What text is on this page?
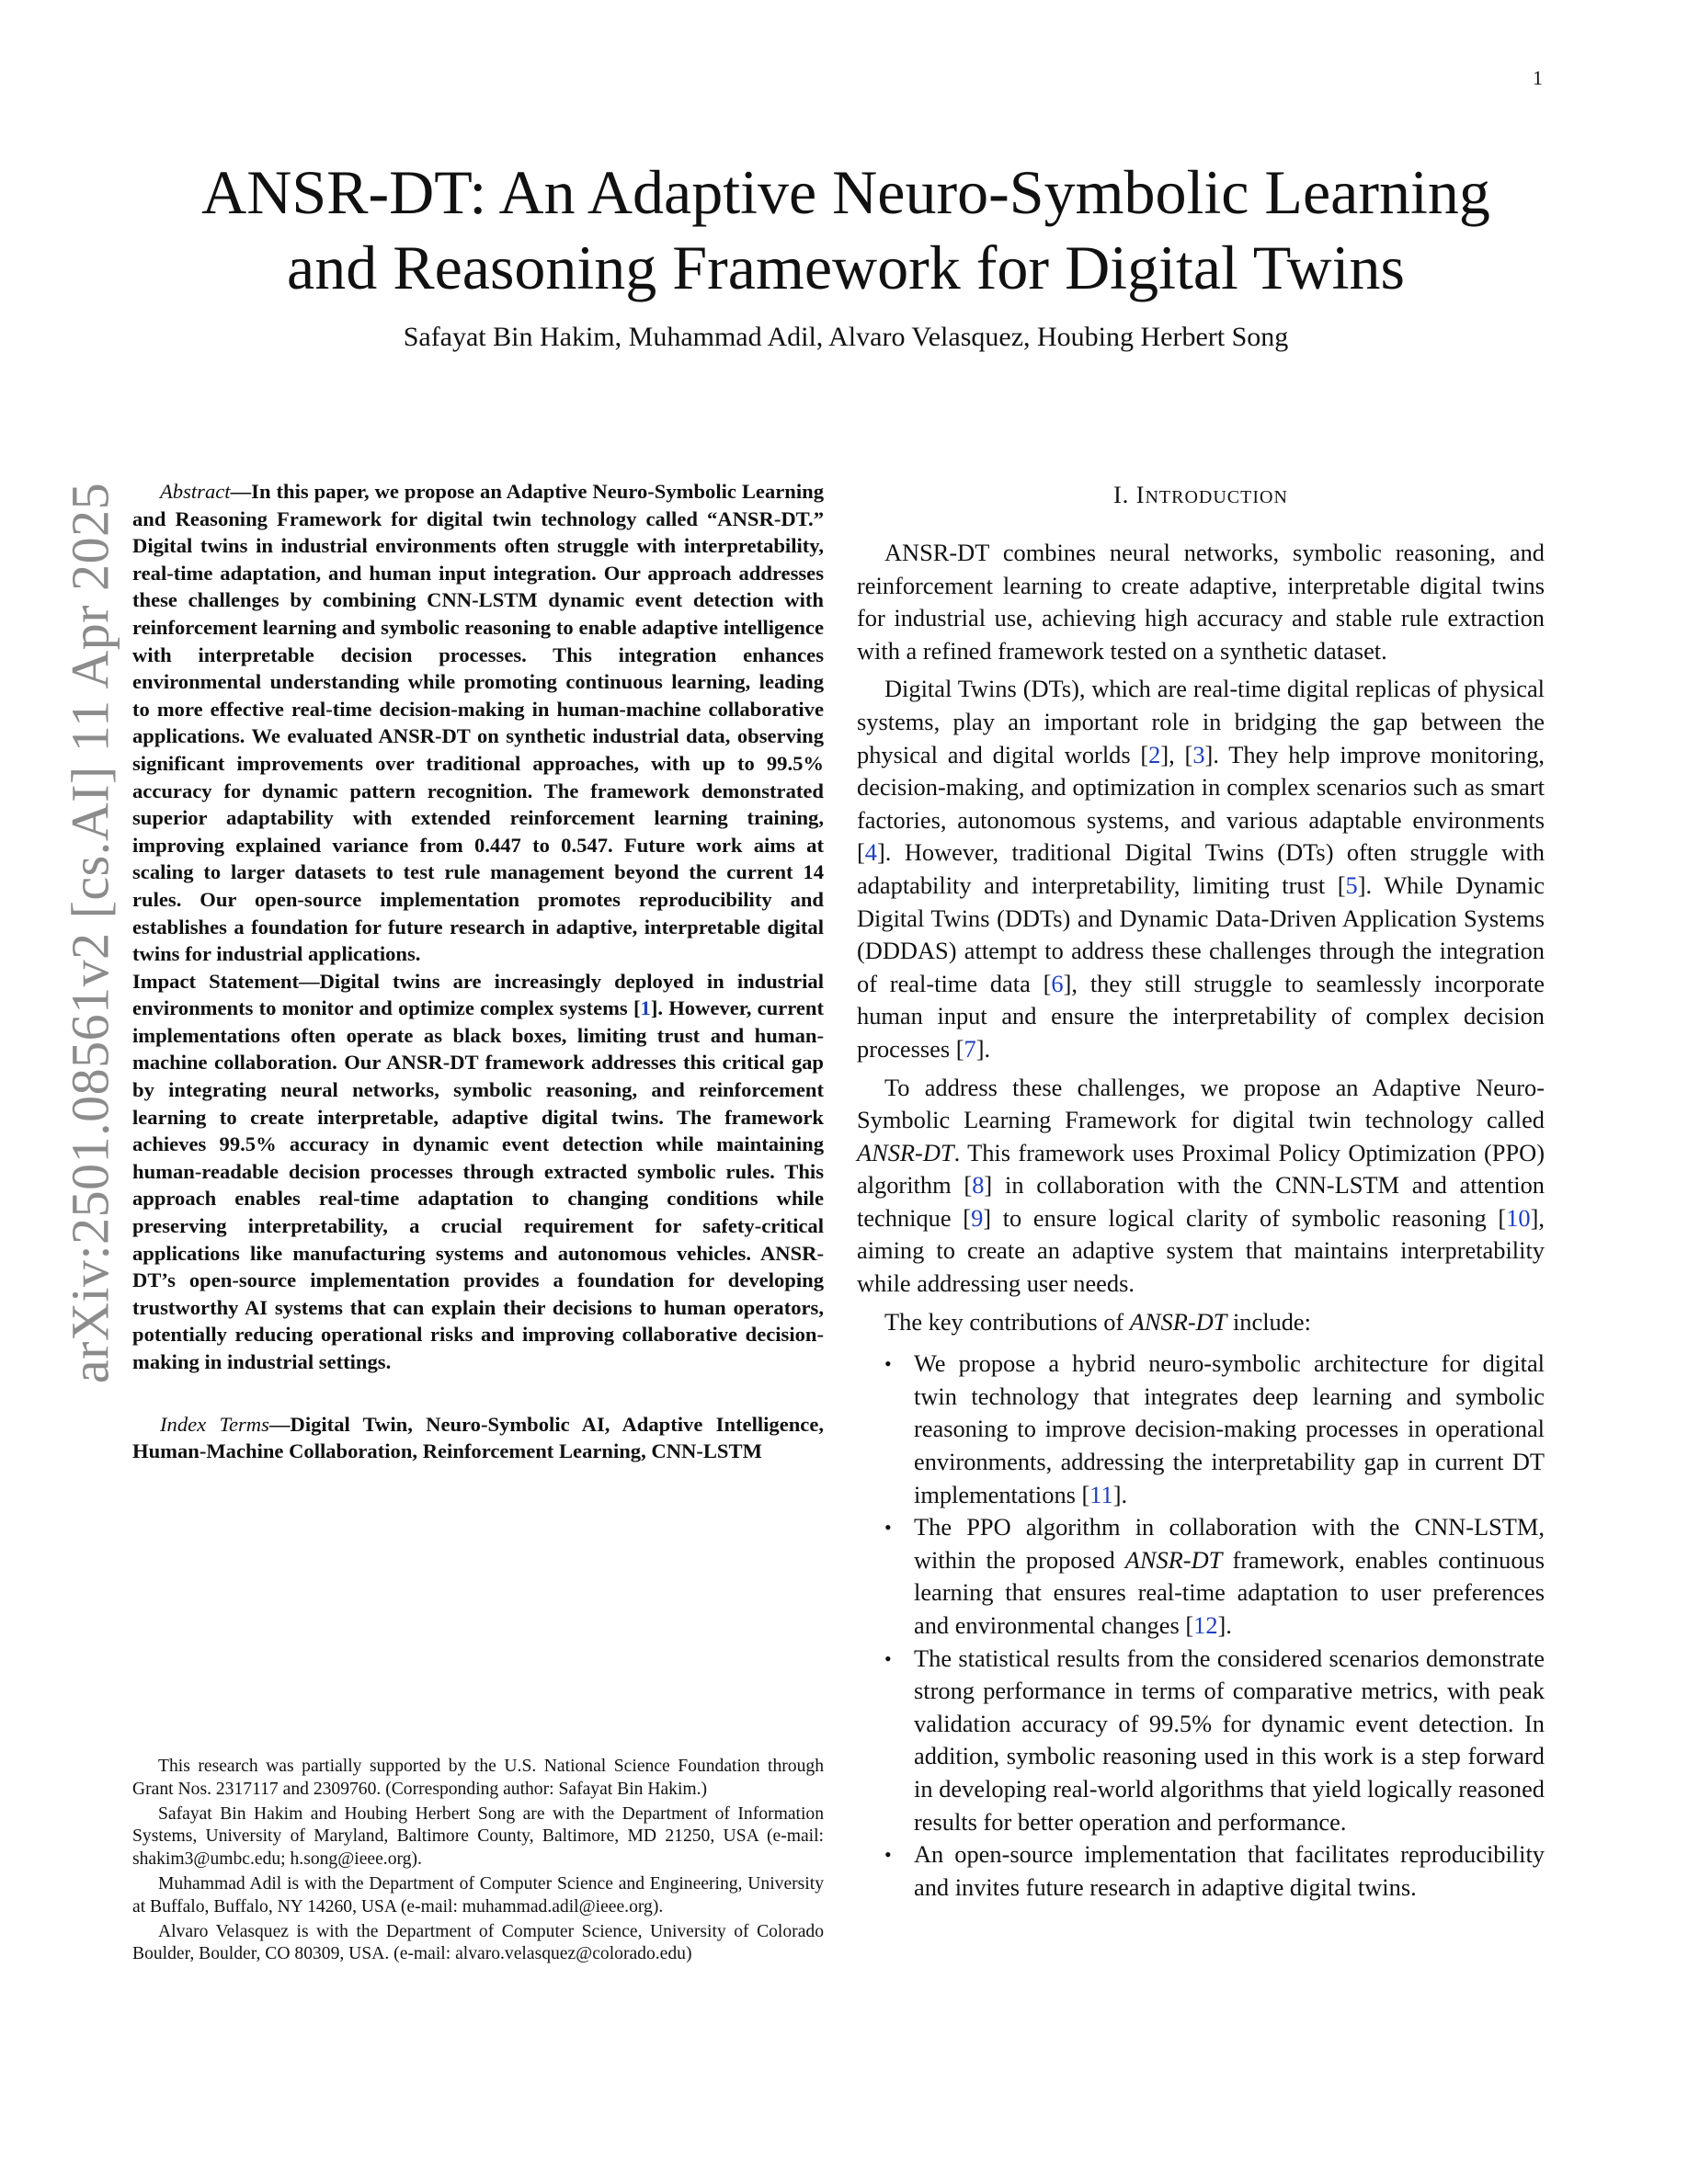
1
arXiv:2501.08561v2 [cs.AI] 11 Apr 2025
ANSR-DT: An Adaptive Neuro-Symbolic Learning
and Reasoning Framework for Digital Twins
Safayat Bin Hakim, Muhammad Adil, Alvaro Velasquez, Houbing Herbert Song

Abstract—In this paper, we propose an Adaptive Neuro-Symbolic Learning and Reasoning Framework for digital twin technology called “ANSR-DT.” Digital twins in industrial environments often struggle with interpretability, real-time adaptation, and human input integration. Our approach addresses these challenges by combining CNN-LSTM dynamic event detection with reinforcement learning and symbolic reasoning to enable adaptive intelligence with interpretable decision processes. This integration enhances environmental understanding while promoting continuous learning, leading to more effective real-time decision-making in human-machine collaborative applications. We evaluated ANSR-DT on synthetic industrial data, observing significant improvements over traditional approaches, with up to 99.5% accuracy for dynamic pattern recognition. The framework demonstrated superior adaptability with extended reinforcement learning training, improving explained variance from 0.447 to 0.547. Future work aims at scaling to larger datasets to test rule management beyond the current 14 rules. Our open-source implementation promotes reproducibility and establishes a foundation for future research in adaptive, interpretable digital twins for industrial applications.

Impact Statement—Digital twins are increasingly deployed in industrial environments to monitor and optimize complex systems [1]. However, current implementations often operate as black boxes, limiting trust and human-machine collaboration. Our ANSR-DT framework addresses this critical gap by integrating neural networks, symbolic reasoning, and reinforcement learning to create interpretable, adaptive digital twins. The framework achieves 99.5% accuracy in dynamic event detection while maintaining human-readable decision processes through extracted symbolic rules. This approach enables real-time adaptation to changing conditions while preserving interpretability, a crucial requirement for safety-critical applications like manufacturing systems and autonomous vehicles. ANSR-DT’s open-source implementation provides a foundation for developing trustworthy AI systems that can explain their decisions to human operators, potentially reducing operational risks and improving collaborative decision-making in industrial settings.

Index Terms—Digital Twin, Neuro-Symbolic AI, Adaptive Intelligence, Human-Machine Collaboration, Reinforcement Learning, CNN-LSTM

This research was partially supported by the U.S. National Science Foundation through Grant Nos. 2317117 and 2309760. (Corresponding author: Safayat Bin Hakim.)

Safayat Bin Hakim and Houbing Herbert Song are with the Department of Information Systems, University of Maryland, Baltimore County, Baltimore, MD 21250, USA (e-mail: shakim3@umbc.edu; h.song@ieee.org).

Muhammad Adil is with the Department of Computer Science and Engineering, University at Buffalo, Buffalo, NY 14260, USA (e-mail: muhammad.adil@ieee.org).

Alvaro Velasquez is with the Department of Computer Science, University of Colorado Boulder, Boulder, CO 80309, USA. (e-mail: alvaro.velasquez@colorado.edu)

I. INTRODUCTION

ANSR-DT combines neural networks, symbolic reasoning, and reinforcement learning to create adaptive, interpretable digital twins for industrial use, achieving high accuracy and stable rule extraction with a refined framework tested on a synthetic dataset.

Digital Twins (DTs), which are real-time digital replicas of physical systems, play an important role in bridging the gap between the physical and digital worlds [2], [3]. They help improve monitoring, decision-making, and optimization in complex scenarios such as smart factories, autonomous systems, and various adaptable environments [4]. However, traditional Digital Twins (DTs) often struggle with adaptability and interpretability, limiting trust [5]. While Dynamic Digital Twins (DDTs) and Dynamic Data-Driven Application Systems (DDDAS) attempt to address these challenges through the integration of real-time data [6], they still struggle to seamlessly incorporate human input and ensure the interpretability of complex decision processes [7].

To address these challenges, we propose an Adaptive Neuro-Symbolic Learning Framework for digital twin technology called ANSR-DT. This framework uses Proximal Policy Optimization (PPO) algorithm [8] in collaboration with the CNN-LSTM and attention technique [9] to ensure logical clarity of symbolic reasoning [10], aiming to create an adaptive system that maintains interpretability while addressing user needs.

The key contributions of ANSR-DT include:

• We propose a hybrid neuro-symbolic architecture for digital twin technology that integrates deep learning and symbolic reasoning to improve decision-making processes in operational environments, addressing the interpretability gap in current DT implementations [11].
• The PPO algorithm in collaboration with the CNN-LSTM, within the proposed ANSR-DT framework, enables continuous learning that ensures real-time adaptation to user preferences and environmental changes [12].
• The statistical results from the considered scenarios demonstrate strong performance in terms of comparative metrics, with peak validation accuracy of 99.5% for dynamic event detection. In addition, symbolic reasoning used in this work is a step forward in developing real-world algorithms that yield logically reasoned results for better operation and performance.
• An open-source implementation that facilitates reproducibility and invites future research in adaptive digital twins.
